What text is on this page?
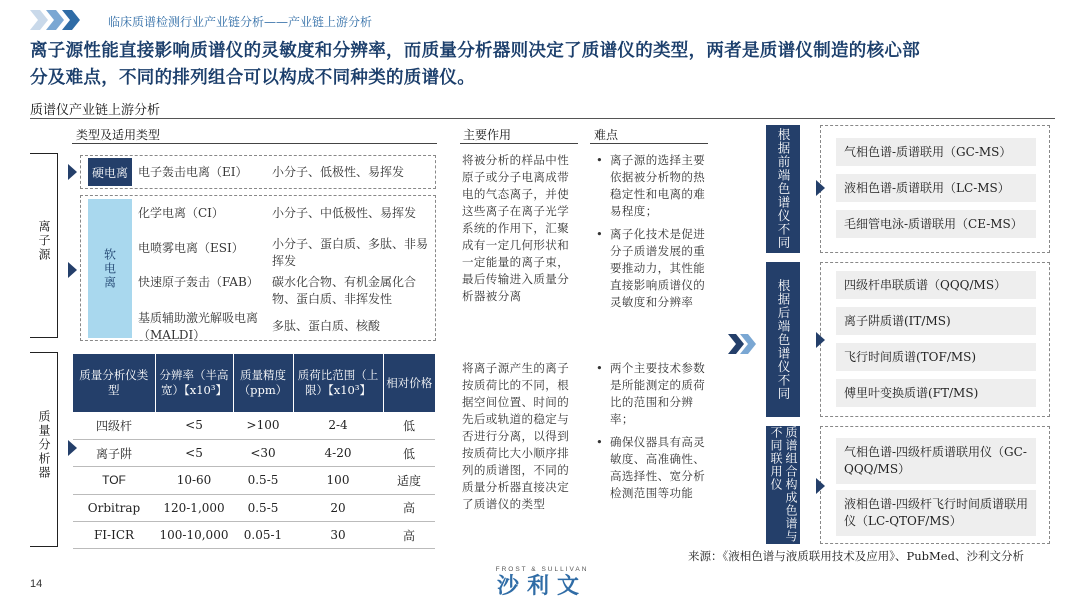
临床质谱检测行业产业链分析——产业链上游分析
离子源性能直接影响质谱仪的灵敏度和分辨率，而质量分析器则决定了质谱仪的类型，两者是质谱仪制造的核心部
分及难点，不同的排列组合可以构成不同种类的质谱仪。
质谱仪产业链上游分析
类型及适用类型
离子源
质量分析器
硬电离 电子轰击电离（EI） 小分子、低极性、易挥发
软电离
化学电离（CI）	小分子、中低极性、易挥发
电喷雾电离（ESI）	小分子、蛋白质、多肽、非易挥发
快速原子轰击（FAB） 碳水化合物、有机金属化合物、蛋白质、非挥发性
基质辅助激光解吸电离（MALDI）
多肽、蛋白质、核酸
质量分析仪类型	分辨率（半高宽）【x10³】	质量精度（ppm）	质荷比范围（上限）【x10³】	相对价格
四级杆	<5	>100	2-4	低
离子阱	<5	<30	4-20	低
TOF	10-60	0.5-5	100	适度
Orbitrap	120-1,000	0.5-5	20	高
FI-ICR	100-10,000	0.05-1	30	高
主要作用	难点
将被分析的样品中性原子或分子电离成带电的气态离子，并使这些离子在离子光学系统的作用下，汇聚成有一定几何形状和一定能量的离子束，最后传输进入质量分析器被分离
将离子源产生的离子按质荷比的不同，根据空间位置、时间的先后或轨道的稳定与否进行分离，以得到按质荷比大小顺序排列的质谱图，不同的质量分析器直接决定了质谱仪的类型
• 离子源的选择主要依据被分析物的热稳定性和电离的难易程度；
• 离子化技术是促进分子质谱发展的重要推动力，其性能直接影响质谱仪的灵敏度和分辨率
• 两个主要技术参数是所能测定的质荷比的范围和分辨率；
• 确保仪器具有高灵敏度、高准确性、高选择性、宽分析检测范围等功能
根据前端色谱仪不同	气相色谱-质谱联用（GC-MS）
液相色谱-质谱联用（LC-MS）
毛细管电泳-质谱联用（CE-MS）
根据后端色谱仪不同	四级杆串联质谱（QQQ/MS）
离子阱质谱(IT/MS)
飞行时间质谱(TOF/MS)
傅里叶变换质谱(FT/MS)
质谱组合构成色谱与不同联用仪	气相色谱-四级杆质谱联用仪（GC-QQQ/MS）
液相色谱-四级杆飞行时间质谱联用仪（LC-QTOF/MS）
来源：《液相色谱与液质联用技术及应用》、PubMed、沙利文分析
14
FROST & SULLIVAN
沙利文
